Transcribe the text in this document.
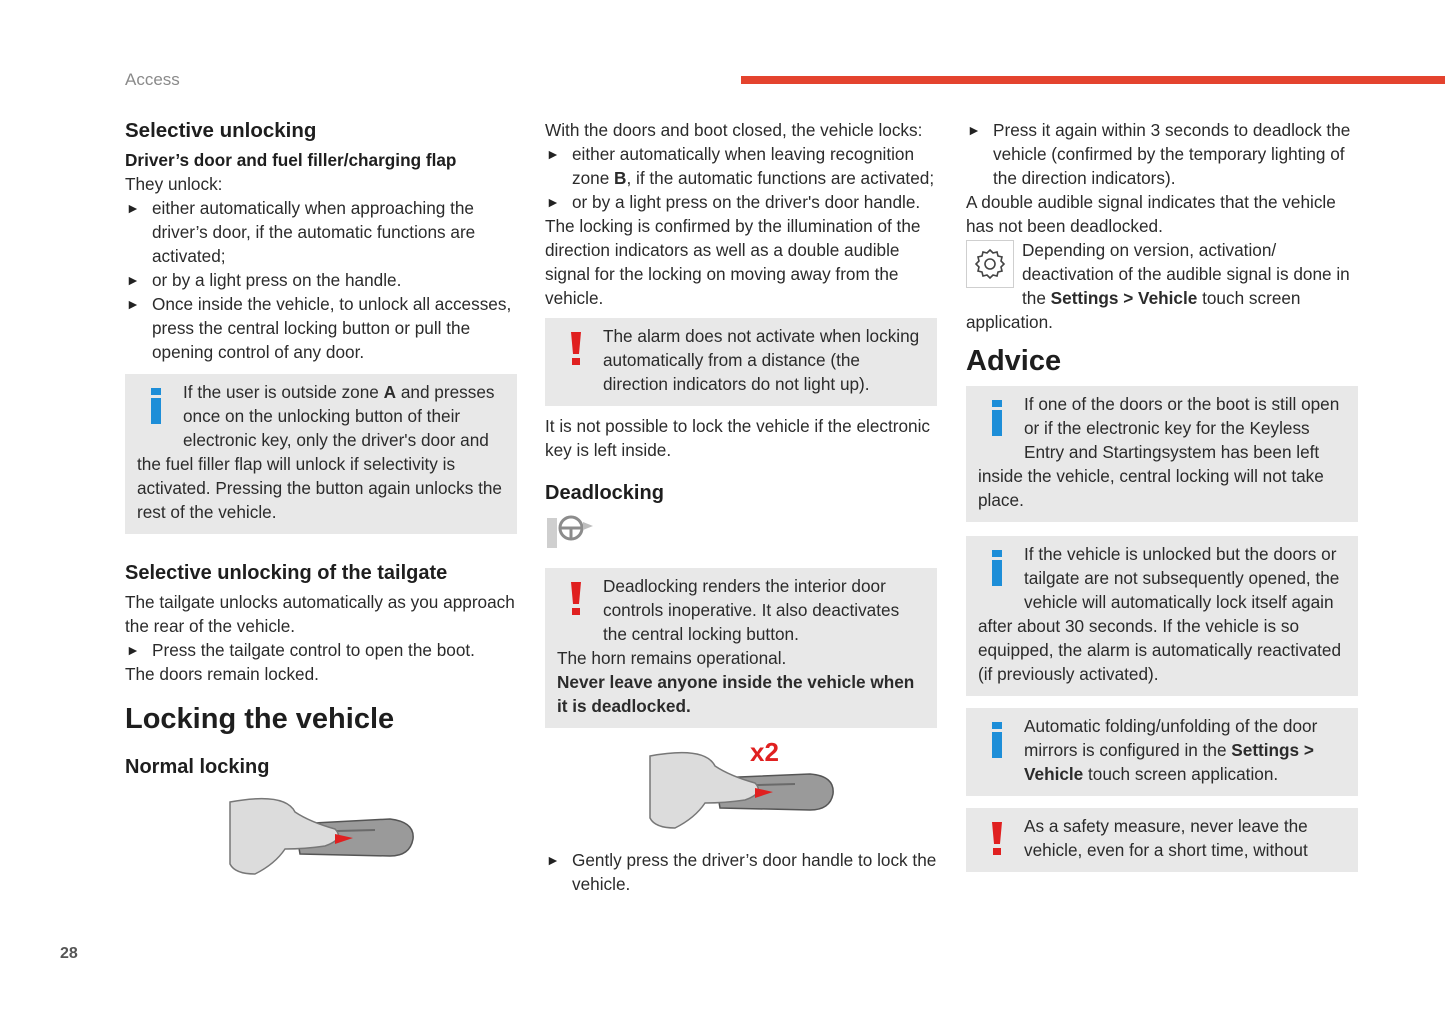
Access
Selective unlocking
Driver’s door and fuel filler/charging flap

They unlock:

► either automatically when approaching the driver’s door, if the automatic functions are activated;

► or by a light press on the handle.

► Once inside the vehicle, to unlock all accesses, press the central locking button or pull the opening control of any door.

If the user is outside zone A and presses once on the unlocking button of their electronic key, only the driver's door and the fuel filler flap will unlock if selectivity is activated. Pressing the button again unlocks the rest of the vehicle.

Selective unlocking of the tailgate

The tailgate unlocks automatically as you approach the rear of the vehicle.

► Press the tailgate control to open the boot.

The doors remain locked.

Locking the vehicle
Normal locking

With the doors and boot closed, the vehicle locks:

► either automatically when leaving recognition zone B, if the automatic functions are activated;

► or by a light press on the driver's door handle.

The locking is confirmed by the illumination of the direction indicators as well as a double audible signal for the locking on moving away from the vehicle.

The alarm does not activate when locking automatically from a distance (the direction indicators do not light up).

It is not possible to lock the vehicle if the electronic key is left inside.

Deadlocking

Deadlocking renders the interior door controls inoperative. It also deactivates the central locking button.

The horn remains operational.

Never leave anyone inside the vehicle when it is deadlocked.

x2

► Gently press the driver’s door handle to lock the vehicle.

► Press it again within 3 seconds to deadlock the vehicle (confirmed by the temporary lighting of the direction indicators).

A double audible signal indicates that the vehicle has not been deadlocked.

Depending on version, activation/ deactivation of the audible signal is done in the Settings > Vehicle touch screen application.

Advice

If one of the doors or the boot is still open or if the electronic key for the Keyless Entry and Startingsystem has been left inside the vehicle, central locking will not take place.

If the vehicle is unlocked but the doors or tailgate are not subsequently opened, the vehicle will automatically lock itself again after about 30 seconds. If the vehicle is so equipped, the alarm is automatically reactivated (if previously activated).

Automatic folding/unfolding of the door mirrors is configured in the Settings > Vehicle touch screen application.

As a safety measure, never leave the vehicle, even for a short time, without

28
